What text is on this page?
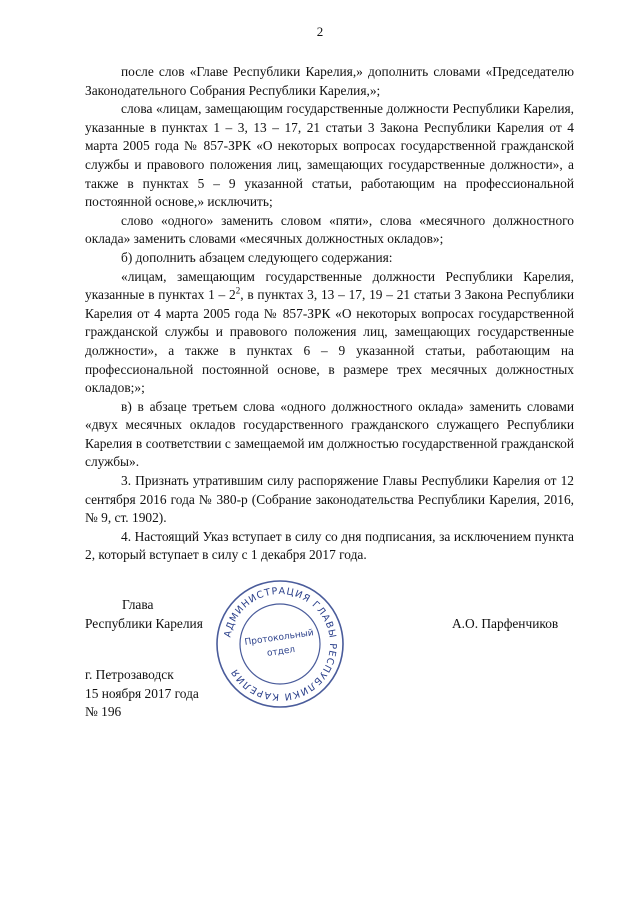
2

после слов «Главе Республики Карелия,» дополнить словами «Председателю Законодательного Собрания Республики Карелия,»;

слова «лицам, замещающим государственные должности Республики Карелия, указанные в пунктах 1 – 3, 13 – 17, 21 статьи 3 Закона Республики Карелия от 4 марта 2005 года № 857-ЗРК «О некоторых вопросах государственной гражданской службы и правового положения лиц, замещающих государственные должности», а также в пунктах 5 – 9 указанной статьи, работающим на профессиональной постоянной основе,» исключить;

слово «одного» заменить словом «пяти», слова «месячного должностного оклада» заменить словами «месячных должностных окладов»;

б) дополнить абзацем следующего содержания:

«лицам, замещающим государственные должности Республики Карелия, указанные в пунктах $1 - 2^2$, в пунктах 3, 13 – 17, 19 – 21 статьи 3 Закона Республики Карелия от 4 марта 2005 года № 857-ЗРК «О некоторых вопросах государственной гражданской службы и правового положения лиц, замещающих государственные должности», а также в пунктах 6 – 9 указанной статьи, работающим на профессиональной постоянной основе, в размере трех месячных должностных окладов;»;

в) в абзаце третьем слова «одного должностного оклада» заменить словами «двух месячных окладов государственного гражданского служащего Республики Карелия в соответствии с замещаемой им должностью государственной гражданской службы».

3. Признать утратившим силу распоряжение Главы Республики Карелия от 12 сентября 2016 года № 380-р (Собрание законодательства Республики Карелия, 2016, № 9, ст. 1902).

4. Настоящий Указ вступает в силу со дня подписания, за исключением пункта 2, который вступает в силу с 1 декабря 2017 года.

Глава
Республики Карелия	А.О. Парфенчиков
г. Петрозаводск
15 ноября 2017 года
№ 196
АДМИНИСТРАЦИЯ ГЛАВЫ РЕСПУБЛИКИ КАРЕЛИЯ
Протокольный
отдел
